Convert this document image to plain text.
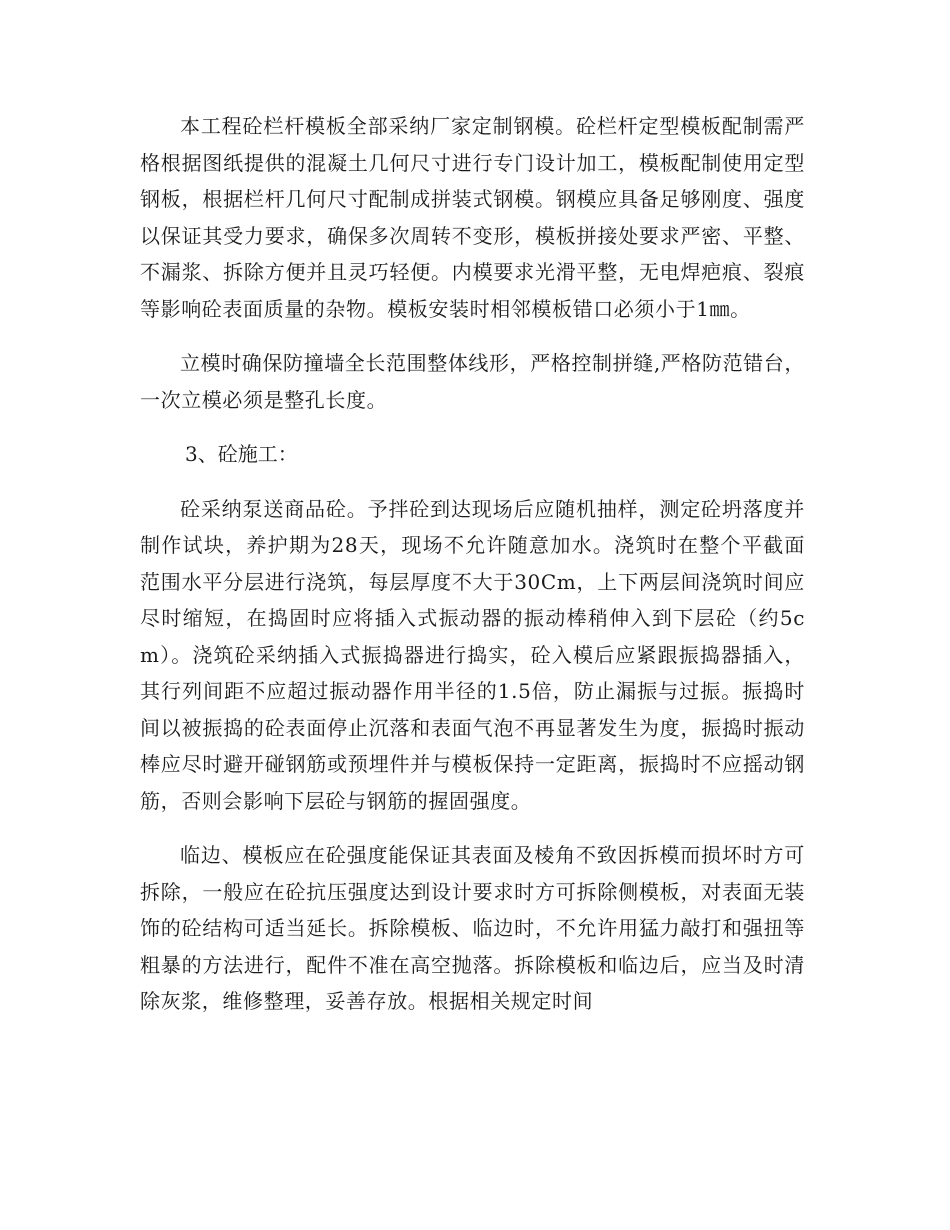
本工程砼栏杆模板全部采纳厂家定制钢模。砼栏杆定型模板配制需严格根据图纸提供的混凝土几何尺寸进行专门设计加工，模板配制使用定型钢板，根据栏杆几何尺寸配制成拼装式钢模。钢模应具备足够刚度、强度以保证其受力要求，确保多次周转不变形，模板拼接处要求严密、平整、不漏浆、拆除方便并且灵巧轻便。内模要求光滑平整，无电焊疤痕、裂痕等影响砼表面质量的杂物。模板安装时相邻模板错口必须小于1㎜。

立模时确保防撞墙全长范围整体线形，严格控制拼缝,严格防范错台，一次立模必须是整孔长度。

3、砼施工：

砼采纳泵送商品砼。予拌砼到达现场后应随机抽样，测定砼坍落度并制作试块，养护期为28天，现场不允许随意加水。浇筑时在整个平截面范围水平分层进行浇筑，每层厚度不大于30Cm，上下两层间浇筑时间应尽时缩短，在捣固时应将插入式振动器的振动棒稍伸入到下层砼（约5cm）。浇筑砼采纳插入式振捣器进行捣实，砼入模后应紧跟振捣器插入，其行列间距不应超过振动器作用半径的1.5倍，防止漏振与过振。振捣时间以被振捣的砼表面停止沉落和表面气泡不再显著发生为度，振捣时振动棒应尽时避开碰钢筋或预埋件并与模板保持一定距离，振捣时不应摇动钢筋，否则会影响下层砼与钢筋的握固强度。

临边、模板应在砼强度能保证其表面及棱角不致因拆模而损坏时方可拆除，一般应在砼抗压强度达到设计要求时方可拆除侧模板，对表面无装饰的砼结构可适当延长。拆除模板、临边时，不允许用猛力敲打和强扭等粗暴的方法进行，配件不准在高空抛落。拆除模板和临边后，应当及时清除灰浆，维修整理，妥善存放。根据相关规定时间
